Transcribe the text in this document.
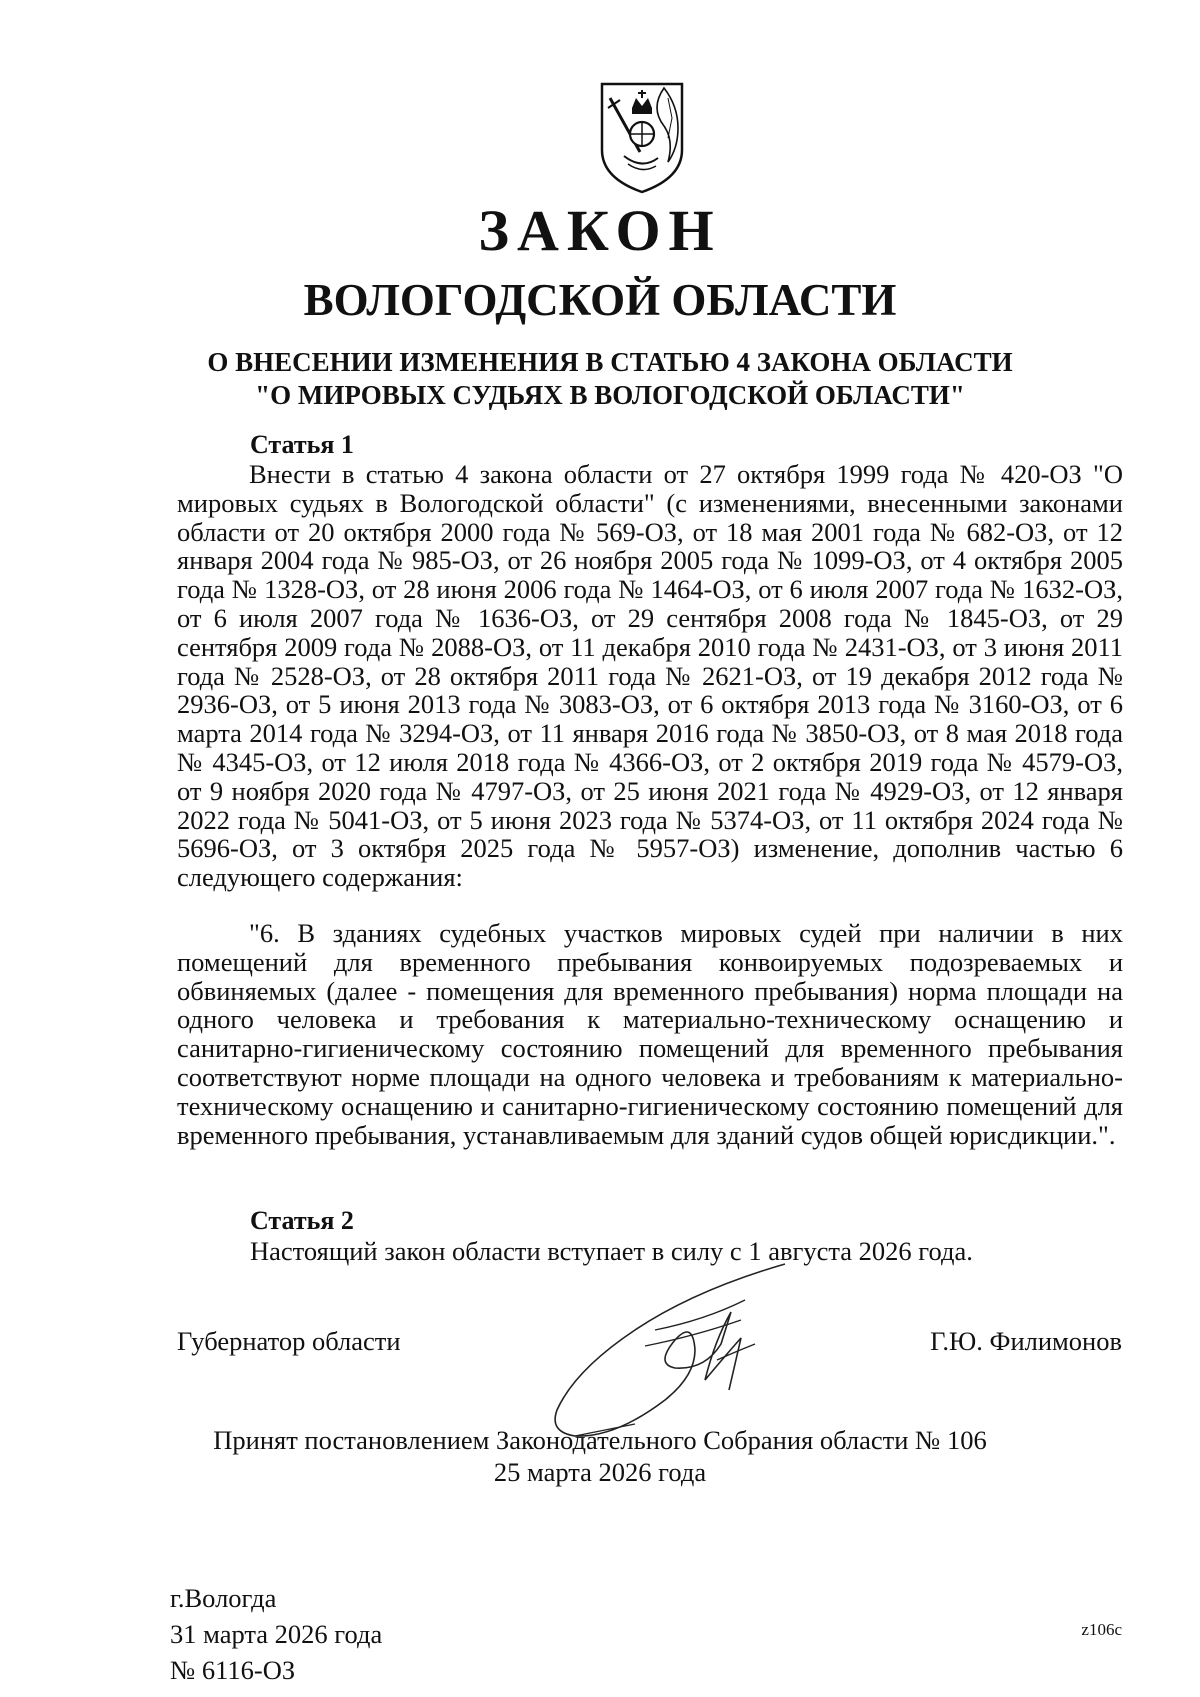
ЗАКОН
ВОЛОГОДСКОЙ ОБЛАСТИ
О ВНЕСЕНИИ ИЗМЕНЕНИЯ В СТАТЬЮ 4 ЗАКОНА ОБЛАСТИ
"О МИРОВЫХ СУДЬЯХ В ВОЛОГОДСКОЙ ОБЛАСТИ"
Статья 1
Внести в статью 4 закона области от 27 октября 1999 года № 420-ОЗ "О мировых судьях в Вологодской области" (с изменениями, внесенными законами области от 20 октября 2000 года № 569-ОЗ, от 18 мая 2001 года № 682-ОЗ, от 12 января 2004 года № 985-ОЗ, от 26 ноября 2005 года № 1099-ОЗ, от 4 октября 2005 года № 1328-ОЗ, от 28 июня 2006 года № 1464-ОЗ, от 6 июля 2007 года № 1632-ОЗ, от 6 июля 2007 года № 1636-ОЗ, от 29 сентября 2008 года № 1845-ОЗ, от 29 сентября 2009 года № 2088-ОЗ, от 11 декабря 2010 года № 2431-ОЗ, от 3 июня 2011 года № 2528-ОЗ, от 28 октября 2011 года № 2621-ОЗ, от 19 декабря 2012 года № 2936-ОЗ, от 5 июня 2013 года № 3083-ОЗ, от 6 октября 2013 года № 3160-ОЗ, от 6 марта 2014 года № 3294-ОЗ, от 11 января 2016 года № 3850-ОЗ, от 8 мая 2018 года № 4345-ОЗ, от 12 июля 2018 года № 4366-ОЗ, от 2 октября 2019 года № 4579-ОЗ, от 9 ноября 2020 года № 4797-ОЗ, от 25 июня 2021 года № 4929-ОЗ, от 12 января 2022 года № 5041-ОЗ, от 5 июня 2023 года № 5374-ОЗ, от 11 октября 2024 года № 5696-ОЗ, от 3 октября 2025 года № 5957-ОЗ) изменение, дополнив частью 6 следующего содержания:
"6. В зданиях судебных участков мировых судей при наличии в них помещений для временного пребывания конвоируемых подозреваемых и обвиняемых (далее - помещения для временного пребывания) норма площади на одного человека и требования к материально-техническому оснащению и санитарно-гигиеническому состоянию помещений для временного пребывания соответствуют норме площади на одного человека и требованиям к материально-техническому оснащению и санитарно-гигиеническому состоянию помещений для временного пребывания, устанавливаемым для зданий судов общей юрисдикции.".
Статья 2
Настоящий закон области вступает в силу с 1 августа 2026 года.
Губернатор области	Г.Ю. Филимонов
Принят постановлением Законодательного Собрания области № 106
25 марта 2026 года
г.Вологда
31 марта 2026 года
№ 6116-ОЗ
z106c
